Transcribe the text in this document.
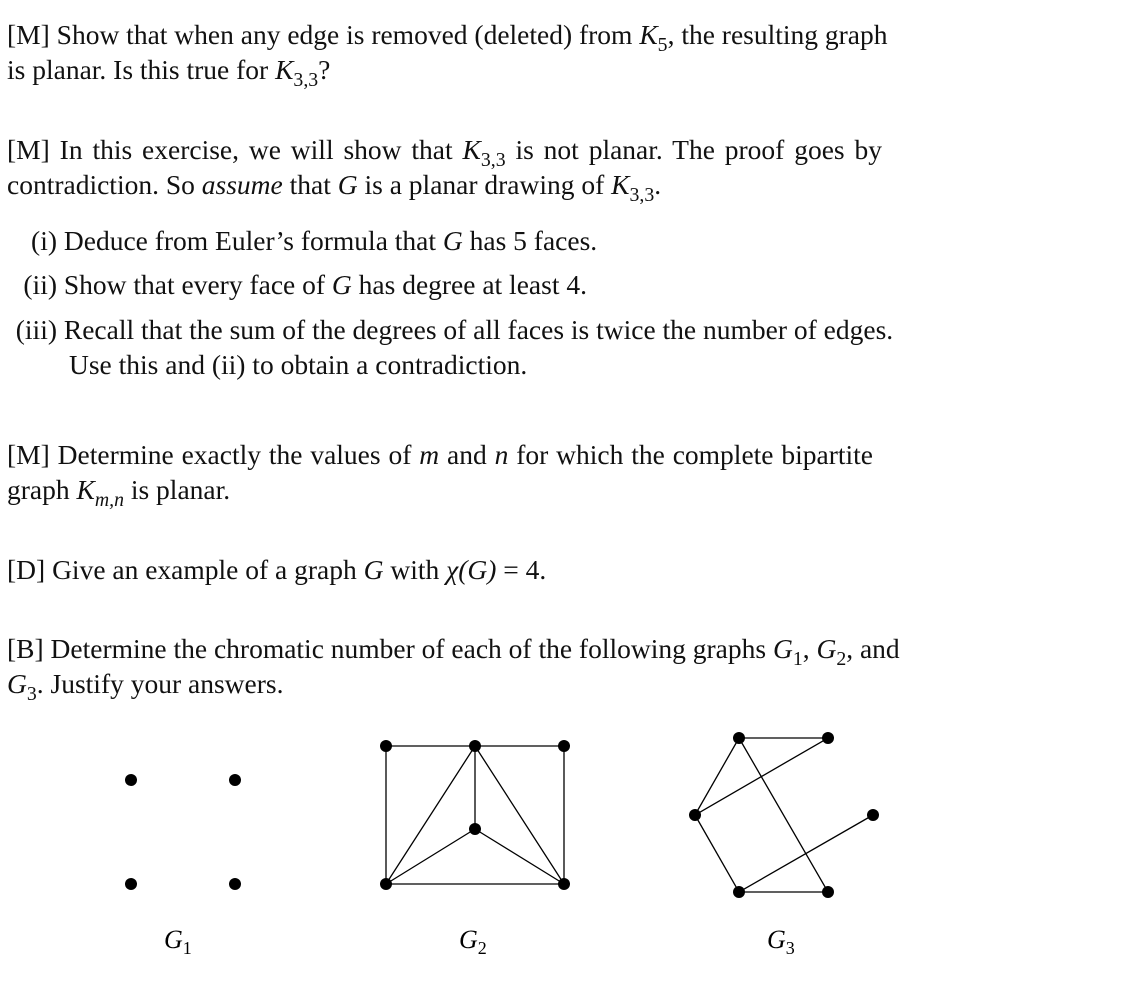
[M] Show that when any edge is removed (deleted) from $K_5$, the resulting graph
is planar. Is this true for $K_{3,3}$?
[M] In this exercise, we will show that $K_{3,3}$ is not planar. The proof goes by
contradiction. So assume that G is a planar drawing of $K_{3,3}$.
(i) Deduce from Euler’s formula that G has 5 faces.
(ii) Show that every face of G has degree at least 4.
(iii) Recall that the sum of the degrees of all faces is twice the number of edges.
Use this and (ii) to obtain a contradiction.
[M] Determine exactly the values of m and n for which the complete bipartite
graph $K_{m,n}$ is planar.
[D] Give an example of a graph G with χ(G) = 4.
[B] Determine the chromatic number of each of the following graphs $G_1$, $G_2$, and
$G_3$. Justify your answers.
$G_1$	$G_2$	$G_3$
